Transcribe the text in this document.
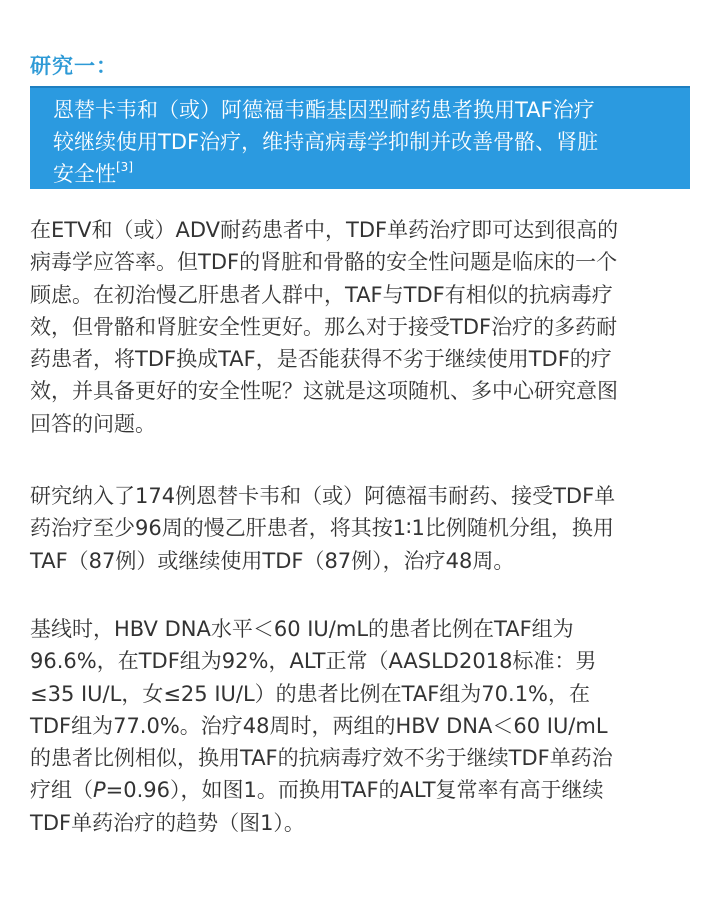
研究一：
恩替卡韦和（或）阿德福韦酯基因型耐药患者换用TAF治疗
较继续使用TDF治疗，维持高病毒学抑制并改善骨骼、肾脏
安全性[3]
在ETV和（或）ADV耐药患者中，TDF单药治疗即可达到很高的
病毒学应答率。但TDF的肾脏和骨骼的安全性问题是临床的一个
顾虑。在初治慢乙肝患者人群中，TAF与TDF有相似的抗病毒疗
效，但骨骼和肾脏安全性更好。那么对于接受TDF治疗的多药耐
药患者，将TDF换成TAF，是否能获得不劣于继续使用TDF的疗
效，并具备更好的安全性呢？这就是这项随机、多中心研究意图
回答的问题。
研究纳入了174例恩替卡韦和（或）阿德福韦耐药、接受TDF单
药治疗至少96周的慢乙肝患者，将其按1∶1比例随机分组，换用
TAF（87例）或继续使用TDF（87例），治疗48周。
基线时，HBV DNA水平＜60 IU/mL的患者比例在TAF组为
96.6%，在TDF组为92%，ALT正常（AASLD2018标准：男
≤35 IU/L，女≤25 IU/L）的患者比例在TAF组为70.1%，在
TDF组为77.0%。治疗48周时，两组的HBV DNA＜60 IU/mL
的患者比例相似，换用TAF的抗病毒疗效不劣于继续TDF单药治
疗组（P=0.96），如图1。而换用TAF的ALT复常率有高于继续
TDF单药治疗的趋势（图1）。
